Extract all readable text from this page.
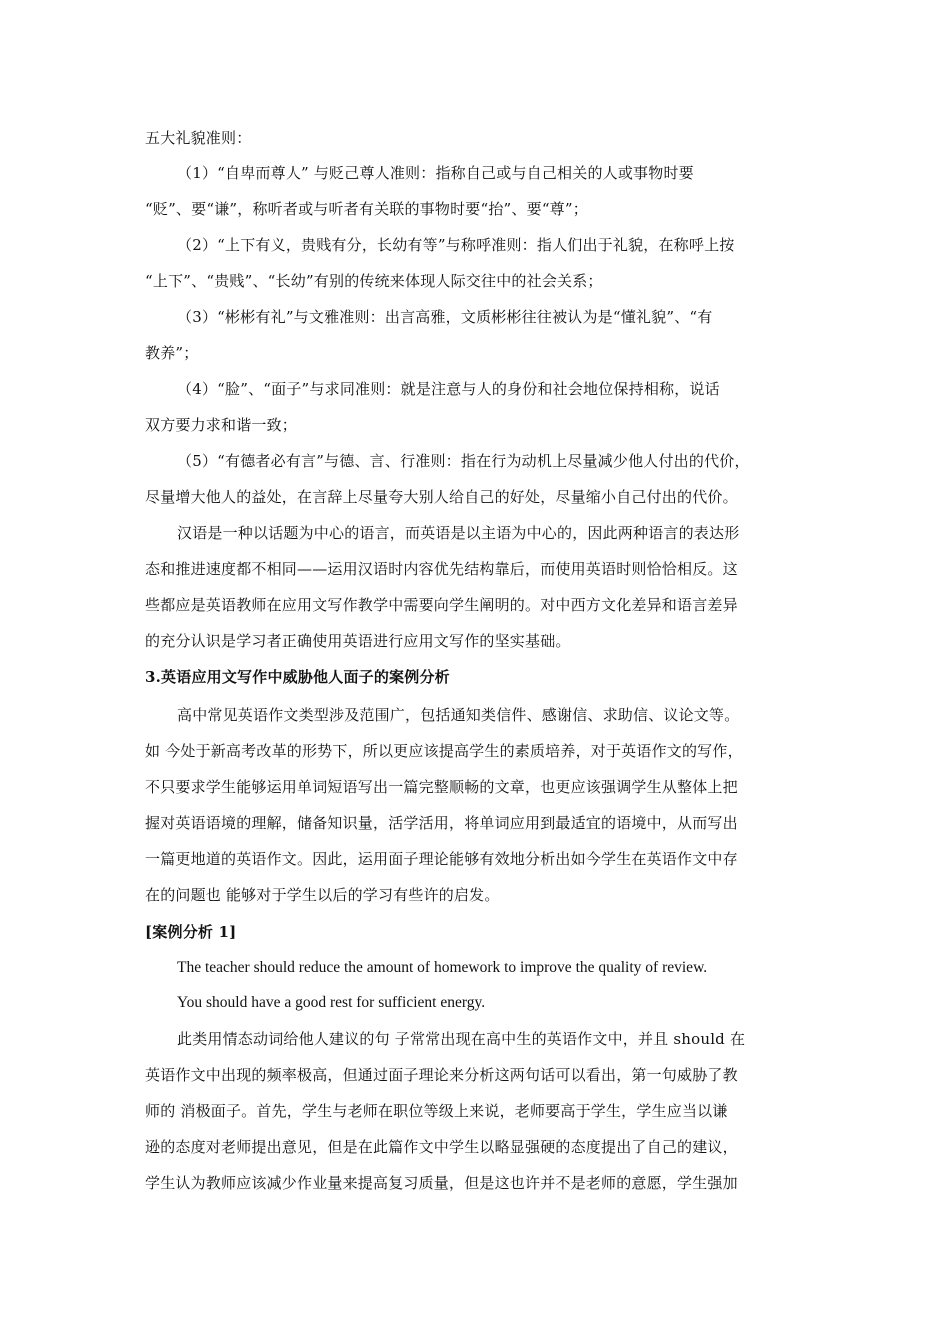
五大礼貌准则：
（1）“自卑而尊人” 与贬己尊人准则：指称自己或与自己相关的人或事物时要
“贬”、要“谦”，称听者或与听者有关联的事物时要“抬”、要“尊”；
（2）“上下有义，贵贱有分，长幼有等”与称呼准则：指人们出于礼貌，在称呼上按
“上下”、“贵贱”、“长幼”有别的传统来体现人际交往中的社会关系；
（3）“彬彬有礼”与文雅准则：出言高雅，文质彬彬往往被认为是“懂礼貌”、“有
教养”；
（4）“脸”、“面子”与求同准则：就是注意与人的身份和社会地位保持相称，说话
双方要力求和谐一致；
（5）“有德者必有言”与德、言、行准则：指在行为动机上尽量减少他人付出的代价，
尽量增大他人的益处，在言辞上尽量夸大别人给自己的好处，尽量缩小自己付出的代价。
汉语是一种以话题为中心的语言，而英语是以主语为中心的，因此两种语言的表达形
态和推进速度都不相同——运用汉语时内容优先结构靠后，而使用英语时则恰恰相反。这
些都应是英语教师在应用文写作教学中需要向学生阐明的。对中西方文化差异和语言差异
的充分认识是学习者正确使用英语进行应用文写作的坚实基础。
3.英语应用文写作中威胁他人面子的案例分析
高中常见英语作文类型涉及范围广，包括通知类信件、感谢信、求助信、议论文等。
如 今处于新高考改革的形势下，所以更应该提高学生的素质培养，对于英语作文的写作，
不只要求学生能够运用单词短语写出一篇完整顺畅的文章，也更应该强调学生从整体上把
握对英语语境的理解，储备知识量，活学活用，将单词应用到最适宜的语境中，从而写出
一篇更地道的英语作文。因此，运用面子理论能够有效地分析出如今学生在英语作文中存
在的问题也 能够对于学生以后的学习有些许的启发。
[案例分析 1]
The teacher should reduce the amount of homework to improve the quality of review.
You should have a good rest for sufficient energy.
此类用情态动词给他人建议的句 子常常出现在高中生的英语作文中，并且 should 在
英语作文中出现的频率极高，但通过面子理论来分析这两句话可以看出，第一句威胁了教
师的 消极面子。首先，学生与老师在职位等级上来说，老师要高于学生，学生应当以谦
逊的态度对老师提出意见，但是在此篇作文中学生以略显强硬的态度提出了自己的建议，
学生认为教师应该减少作业量来提高复习质量，但是这也许并不是老师的意愿，学生强加
